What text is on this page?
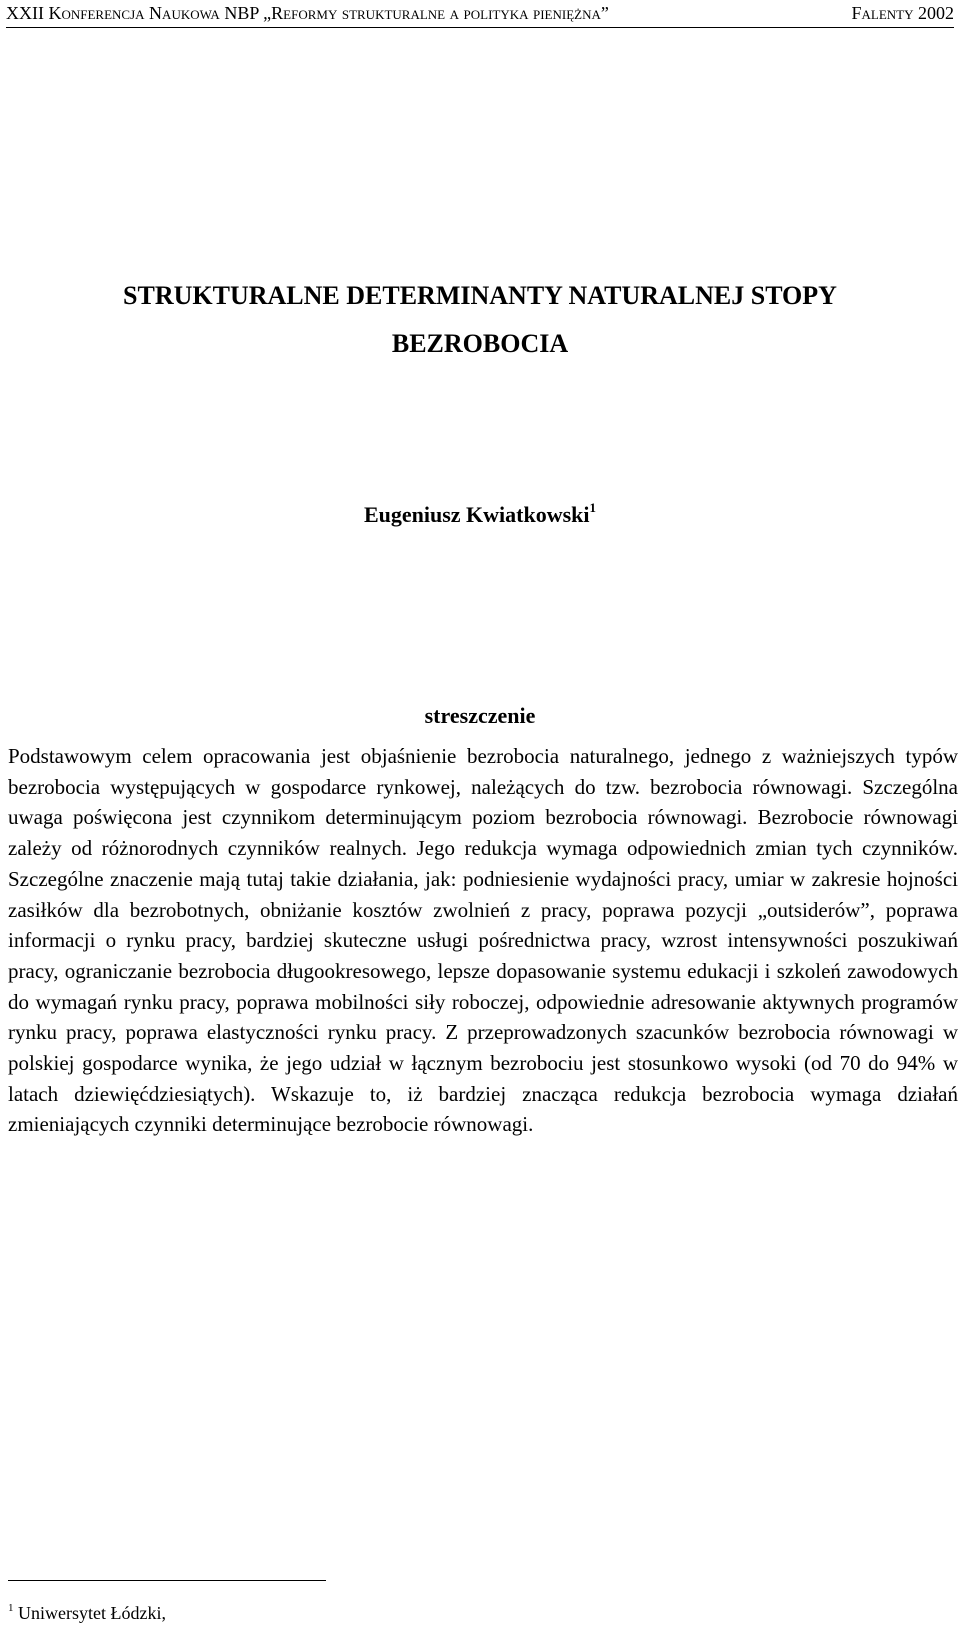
XXII Konferencja Naukowa NBP „Reformy strukturalne a polityka pieniężna”	Falenty 2002
STRUKTURALNE DETERMINANTY NATURALNEJ STOPY
BEZROBOCIA
Eugeniusz Kwiatkowski$^1$
streszczenie

Podstawowym celem opracowania jest objaśnienie bezrobocia naturalnego, jednego z ważniejszych typów bezrobocia występujących w gospodarce rynkowej, należących do tzw. bezrobocia równowagi. Szczególna uwaga poświęcona jest czynnikom determinującym poziom bezrobocia równowagi. Bezrobocie równowagi zależy od różnorodnych czynników realnych. Jego redukcja wymaga odpowiednich zmian tych czynników. Szczególne znaczenie mają tutaj takie działania, jak: podniesienie wydajności pracy, umiar w zakresie hojności zasiłków dla bezrobotnych, obniżanie kosztów zwolnień z pracy, poprawa pozycji „outsiderów”, poprawa informacji o rynku pracy, bardziej skuteczne usługi pośrednictwa pracy, wzrost intensywności poszukiwań pracy, ograniczanie bezrobocia długookresowego, lepsze dopasowanie systemu edukacji i szkoleń zawodowych do wymagań rynku pracy, poprawa mobilności siły roboczej, odpowiednie adresowanie aktywnych programów rynku pracy, poprawa elastyczności rynku pracy. Z przeprowadzonych szacunków bezrobocia równowagi w polskiej gospodarce wynika, że jego udział w łącznym bezrobociu jest stosunkowo wysoki (od 70 do 94% w latach dziewięćdziesiątych). Wskazuje to, iż bardziej znacząca redukcja bezrobocia wymaga działań zmieniających czynniki determinujące bezrobocie równowagi.

$^1$ Uniwersytet Łódzki,
